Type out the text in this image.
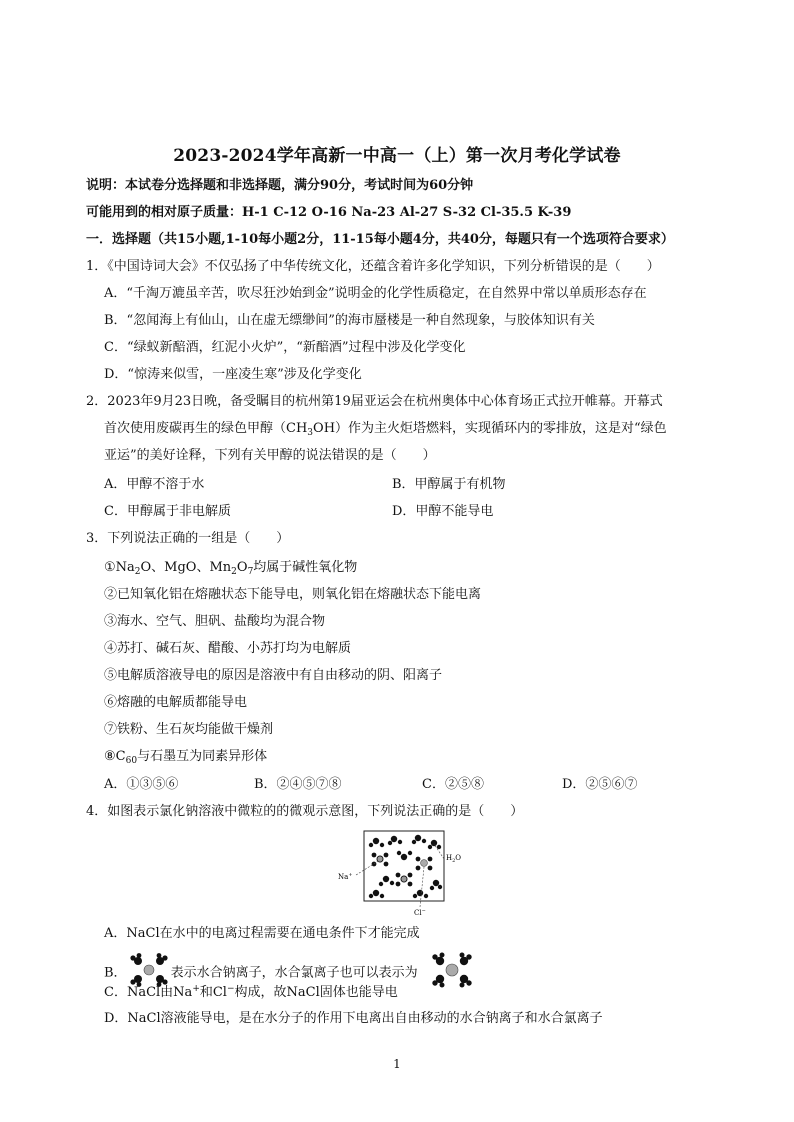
2023-2024学年高新一中高一（上）第一次月考化学试卷
说明：本试卷分选择题和非选择题，满分90分，考试时间为60分钟
可能用到的相对原子质量：H-1 C-12 O-16 Na-23 Al-27 S-32 Cl-35.5 K-39
一．选择题（共15小题,1-10每小题2分，11-15每小题4分，共40分，每题只有一个选项符合要求）
1．《中国诗词大会》不仅弘扬了中华传统文化，还蕴含着许多化学知识，下列分析错误的是（　　）
A．“千淘万漉虽辛苦，吹尽狂沙始到金”说明金的化学性质稳定，在自然界中常以单质形态存在
B．“忽闻海上有仙山，山在虚无缥缈间”的海市蜃楼是一种自然现象，与胶体知识有关
C．“绿蚁新醅酒，红泥小火炉”，“新醅酒”过程中涉及化学变化
D．“惊涛来似雪，一座凌生寒”涉及化学变化
2．2023年9月23日晚，备受瞩目的杭州第19届亚运会在杭州奥体中心体育场正式拉开帷幕。开幕式
首次使用废碳再生的绿色甲醇$(CH_3OH)$作为主火炬塔燃料，实现循环内的零排放，这是对“绿色
亚运”的美好诠释，下列有关甲醇的说法错误的是（　　）
A．甲醇不溶于水	B．甲醇属于有机物
C．甲醇属于非电解质	D．甲醇不能导电
3．下列说法正确的一组是（　　）
$①Na_2O$、MgO、$Mn_2O_7$均属于碱性氧化物
②已知氧化铝在熔融状态下能导电，则氧化铝在熔融状态下能电离
③海水、空气、胆矾、盐酸均为混合物
④苏打、碱石灰、醋酸、小苏打均为电解质
⑤电解质溶液导电的原因是溶液中有自由移动的阴、阳离子
⑥熔融的电解质都能导电
⑦铁粉、生石灰均能做干燥剂
$⑧C_{60}$与石墨互为同素异形体
A．①③⑤⑥	B．②④⑤⑦⑧	C．②⑤⑧	D．②⑤⑥⑦
4．如图表示氯化钠溶液中微粒的的微观示意图，下列说法正确的是（　　）
Na+
$H_2O$
Cl−
A．NaCl在水中的电离过程需要在通电条件下才能完成
B．	表示水合钠离子，水合氯离子也可以表示为
C．NaCl由Na+和Cl−构成，故NaCl固体也能导电
D．NaCl溶液能导电，是在水分子的作用下电离出自由移动的水合钠离子和水合氯离子
1
